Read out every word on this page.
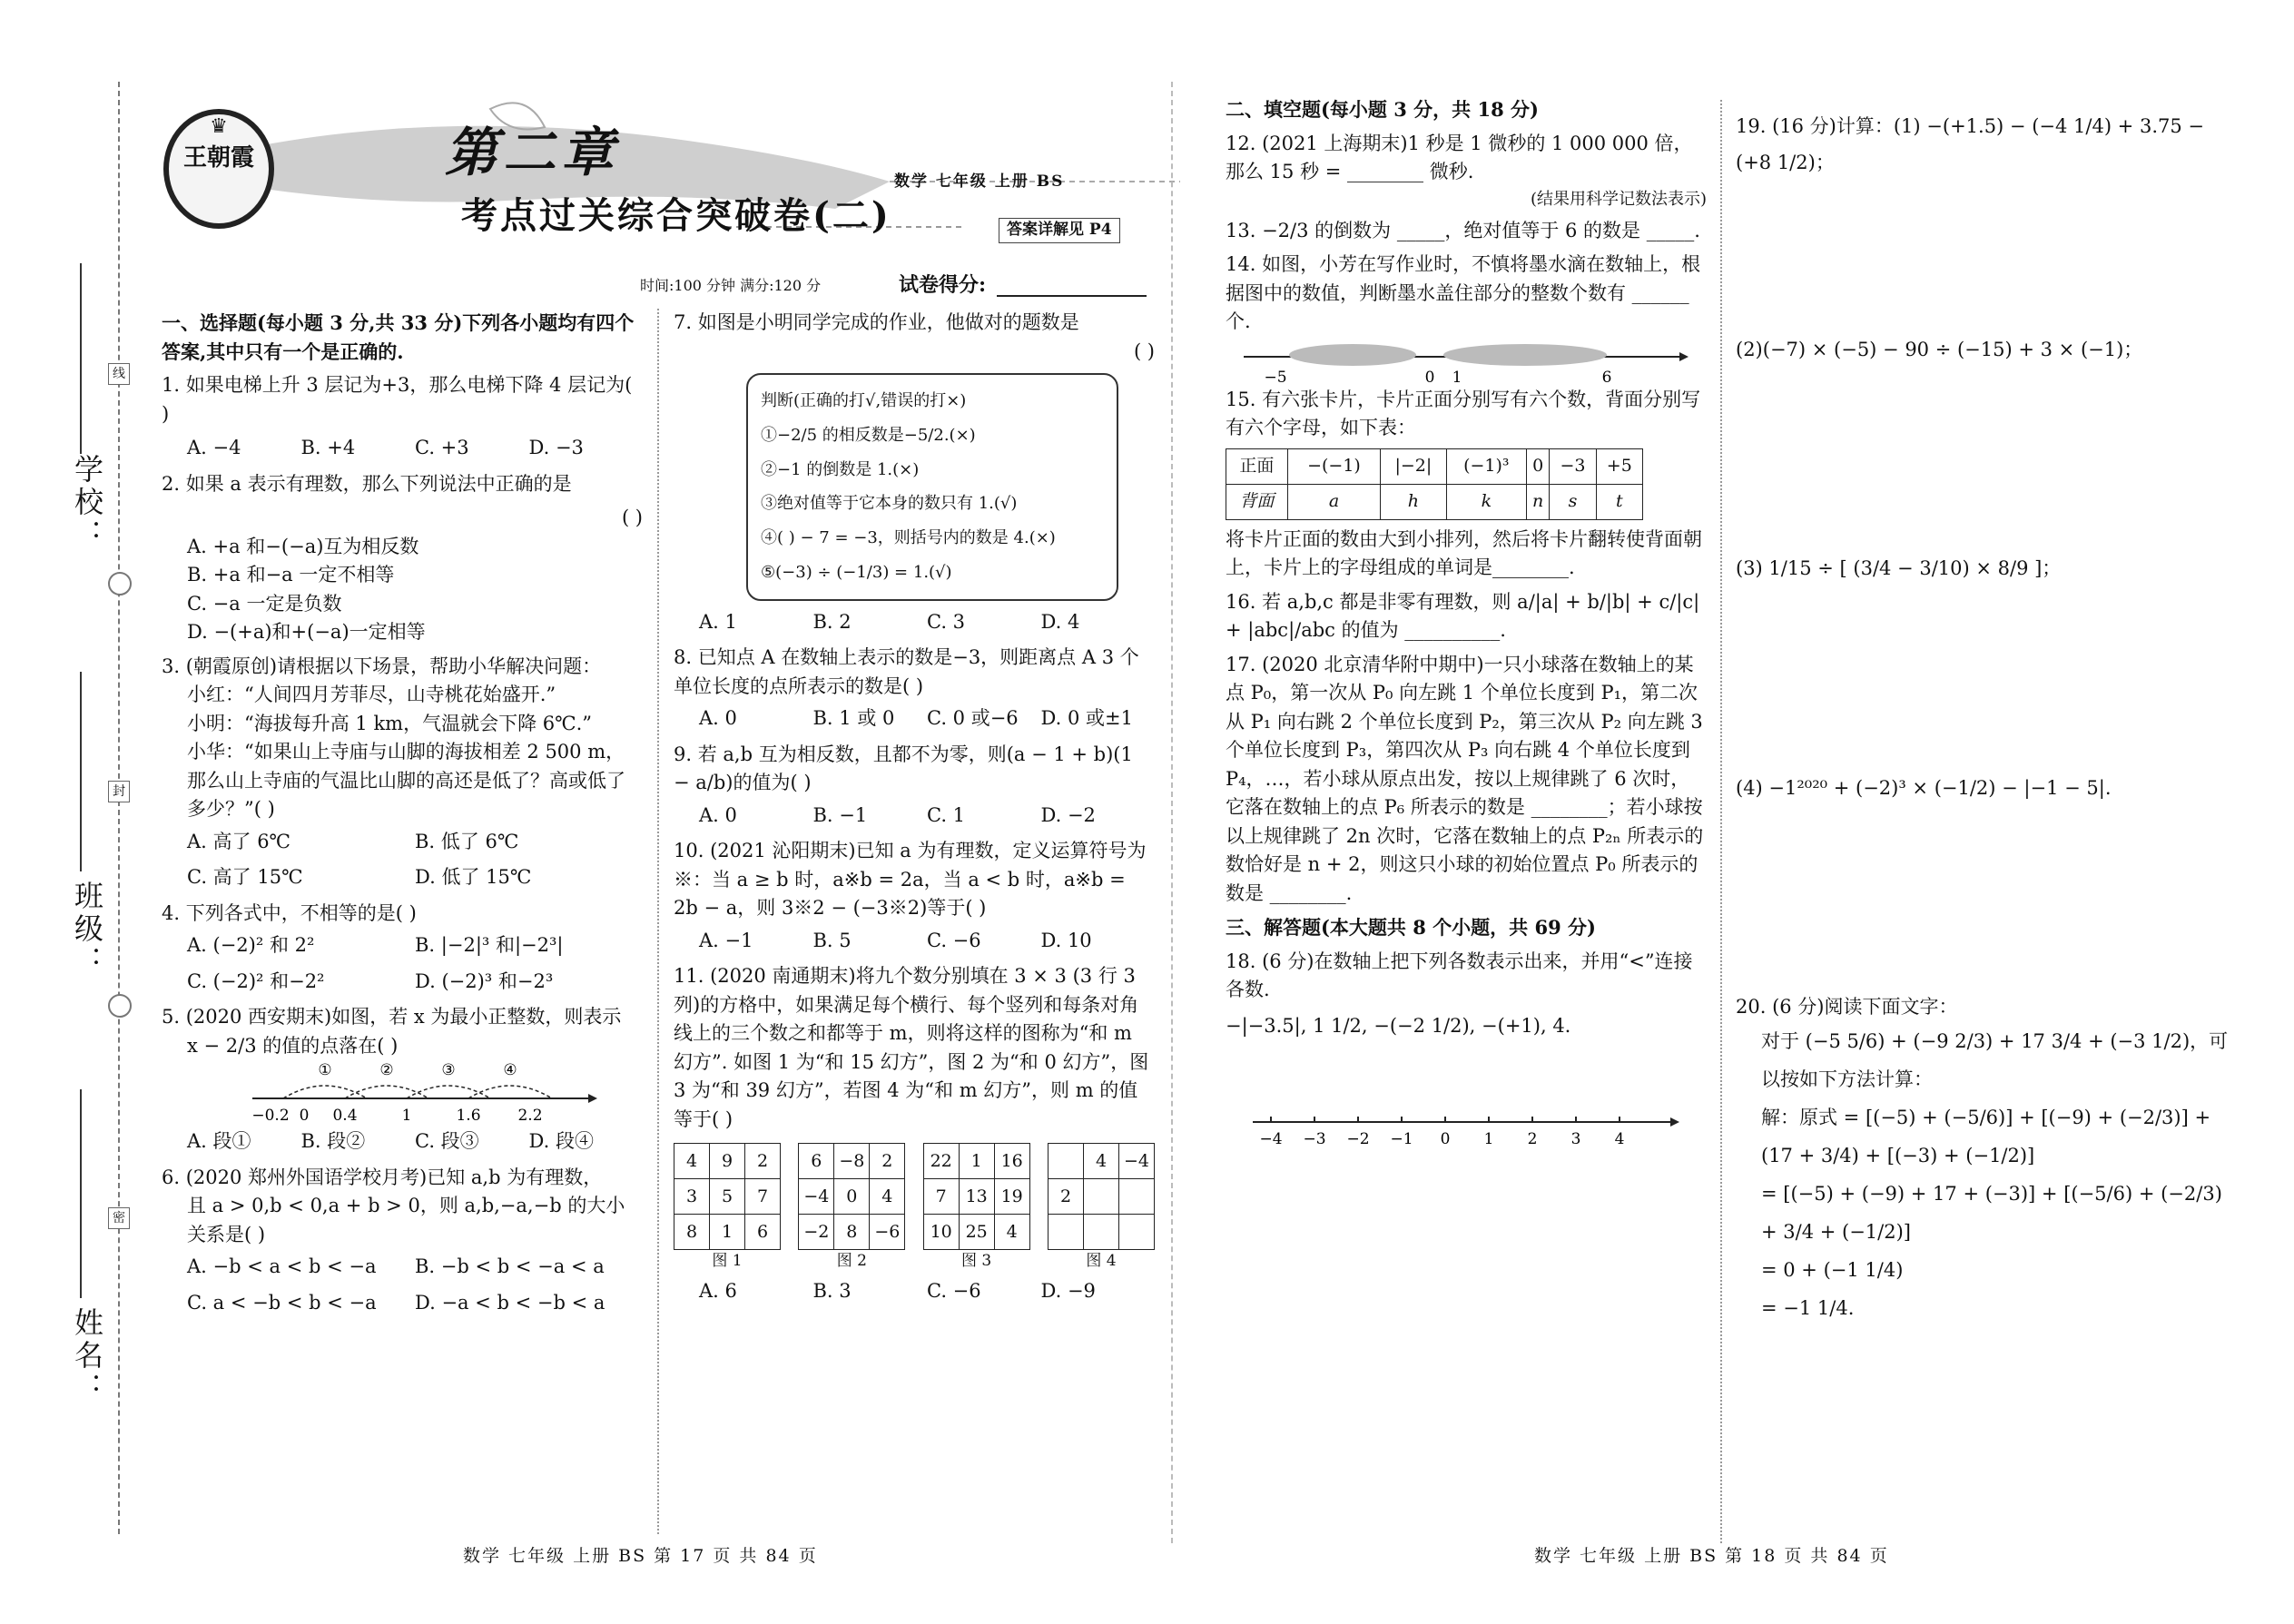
学校：
班级：
姓名：
线
封
密
♛
王朝霞	第二章
考点过关综合突破卷(二)
数学 七年级 上册 BS
答案详解见 P4
时间:100 分钟 满分:120 分	试卷得分:
一、选择题(每小题 3 分,共 33 分)下列各小题均有四个答案,其中只有一个是正确的.
1. 如果电梯上升 3 层记为+3，那么电梯下降 4 层记为( )
A. −4	B. +4	C. +3	D. −3
2. 如果 a 表示有理数，那么下列说法中正确的是
( )
A. +a 和−(−a)互为相反数
B. +a 和−a 一定不相等
C. −a 一定是负数
D. −(+a)和+(−a)一定相等
3. (朝霞原创)请根据以下场景，帮助小华解决问题：
小红：“人间四月芳菲尽，山寺桃花始盛开.”
小明：“海拔每升高 1 km，气温就会下降 6℃.”
小华：“如果山上寺庙与山脚的海拔相差 2 500 m，那么山上寺庙的气温比山脚的高还是低了？高或低了多少？”( )
A. 高了 6℃	B. 低了 6℃
C. 高了 15℃	D. 低了 15℃
4. 下列各式中，不相等的是( )
A. (−2)² 和 2²	B. |−2|³ 和|−2³|
C. (−2)² 和−2²	D. (−2)³ 和−2³
5. (2020 西安期末)如图，若 x 为最小正整数，则表示
x − 2/3 的值的点落在( )
−0.2 0 0.4	1	1.6 2.2
①	②	③	④
A. 段①	B. 段②	C. 段③	D. 段④
6. (2020 郑州外国语学校月考)已知 a,b 为有理数，
且 a > 0,b < 0,a + b > 0，则 a,b,−a,−b 的大小关系是( )
A. −b < a < b < −a	B. −b < b < −a < a
C. a < −b < b < −a	D. −a < b < −b < a
7. 如图是小明同学完成的作业，他做对的题数是
( )
判断(正确的打√,错误的打×)
①−2/5 的相反数是−5/2.(×)
②−1 的倒数是 1.(×)
③绝对值等于它本身的数只有 1.(√)
④( ) − 7 = −3，则括号内的数是 4.(×)
⑤(−3) ÷ (−1/3) = 1.(√)
A. 1	B. 2	C. 3	D. 4
8. 已知点 A 在数轴上表示的数是−3，则距离点 A 3 个单位长度的点所表示的数是( )
A. 0	B. 1 或 0	C. 0 或−6	D. 0 或±1
9. 若 a,b 互为相反数，且都不为零，则(a − 1 + b)(1 − a/b)的值为( )
A. 0	B. −1	C. 1	D. −2
10. (2021 沁阳期末)已知 a 为有理数，定义运算符号为※：当 a ≥ b 时，a※b = 2a，当 a < b 时，a※b = 2b − a，则 3※2 − (−3※2)等于( )
A. −1	B. 5	C. −6	D. 10
11. (2020 南通期末)将九个数分别填在 3 × 3 (3 行 3 列)的方格中，如果满足每个横行、每个竖列和每条对角线上的三个数之和都等于 m，则将这样的图称为“和 m 幻方”. 如图 1 为“和 15 幻方”，图 2 为“和 0 幻方”，图 3 为“和 39 幻方”，若图 4 为“和 m 幻方”，则 m 的值等于( )
4	9	2
3	5	7
8	1	6
图 1
6	−8	2
−4	0	4
−2	8	−6
图 2
22	1	16
7	13	19
10	25	4
图 3
	4	−4
2		

图 4
A. 6	B. 3	C. −6	D. −9
二、填空题(每小题 3 分，共 18 分)
12. (2021 上海期末)1 秒是 1 微秒的 1 000 000 倍，那么 15 秒 = ________ 微秒.
(结果用科学记数法表示)
13. −2/3 的倒数为 _____，绝对值等于 6 的数是 _____.
14. 如图，小芳在写作业时，不慎将墨水滴在数轴上，根据图中的数值，判断墨水盖住部分的整数个数有 ______ 个.
−5	0 1	6
15. 有六张卡片，卡片正面分别写有六个数，背面分别写有六个字母，如下表：
正面	−(−1)	|−2|	(−1)³	0	−3	+5
背面	a	h	k	n	s	t
将卡片正面的数由大到小排列，然后将卡片翻转使背面朝上，卡片上的字母组成的单词是________.
16. 若 a,b,c 都是非零有理数，则 a/|a| + b/|b| + c/|c| + |abc|/abc 的值为 __________.
17. (2020 北京清华附中期中)一只小球落在数轴上的某点 P₀，第一次从 P₀ 向左跳 1 个单位长度到 P₁，第二次从 P₁ 向右跳 2 个单位长度到 P₂，第三次从 P₂ 向左跳 3 个单位长度到 P₃，第四次从 P₃ 向右跳 4 个单位长度到 P₄，…，若小球从原点出发，按以上规律跳了 6 次时，它落在数轴上的点 P₆ 所表示的数是 ________；若小球按以上规律跳了 2n 次时，它落在数轴上的点 P₂ₙ 所表示的数恰好是 n + 2，则这只小球的初始位置点 P₀ 所表示的数是 ________.
三、解答题(本大题共 8 个小题，共 69 分)
18. (6 分)在数轴上把下列各数表示出来，并用“<”连接各数.
−|−3.5|, 1 1/2, −(−2 1/2), −(+1), 4.
−4 −3 −2 −1 0 1 2 3 4
19. (16 分)计算：(1) −(+1.5) − (−4 1/4) + 3.75 − (+8 1/2)；
(2)(−7) × (−5) − 90 ÷ (−15) + 3 × (−1)；
(3) 1/15 ÷ [ (3/4 − 3/10) × 8/9 ]；
(4) −1²⁰²⁰ + (−2)³ × (−1/2) − |−1 − 5|.
20. (6 分)阅读下面文字：
对于 (−5 5/6) + (−9 2/3) + 17 3/4 + (−3 1/2)，可以按如下方法计算：
解：原式 = [(−5) + (−5/6)] + [(−9) + (−2/3)] + (17 + 3/4) + [(−3) + (−1/2)]
= [(−5) + (−9) + 17 + (−3)] + [(−5/6) + (−2/3) + 3/4 + (−1/2)]
= 0 + (−1 1/4)
= −1 1/4.
数学 七年级 上册 BS 第 17 页 共 84 页	数学 七年级 上册 BS 第 18 页 共 84 页
